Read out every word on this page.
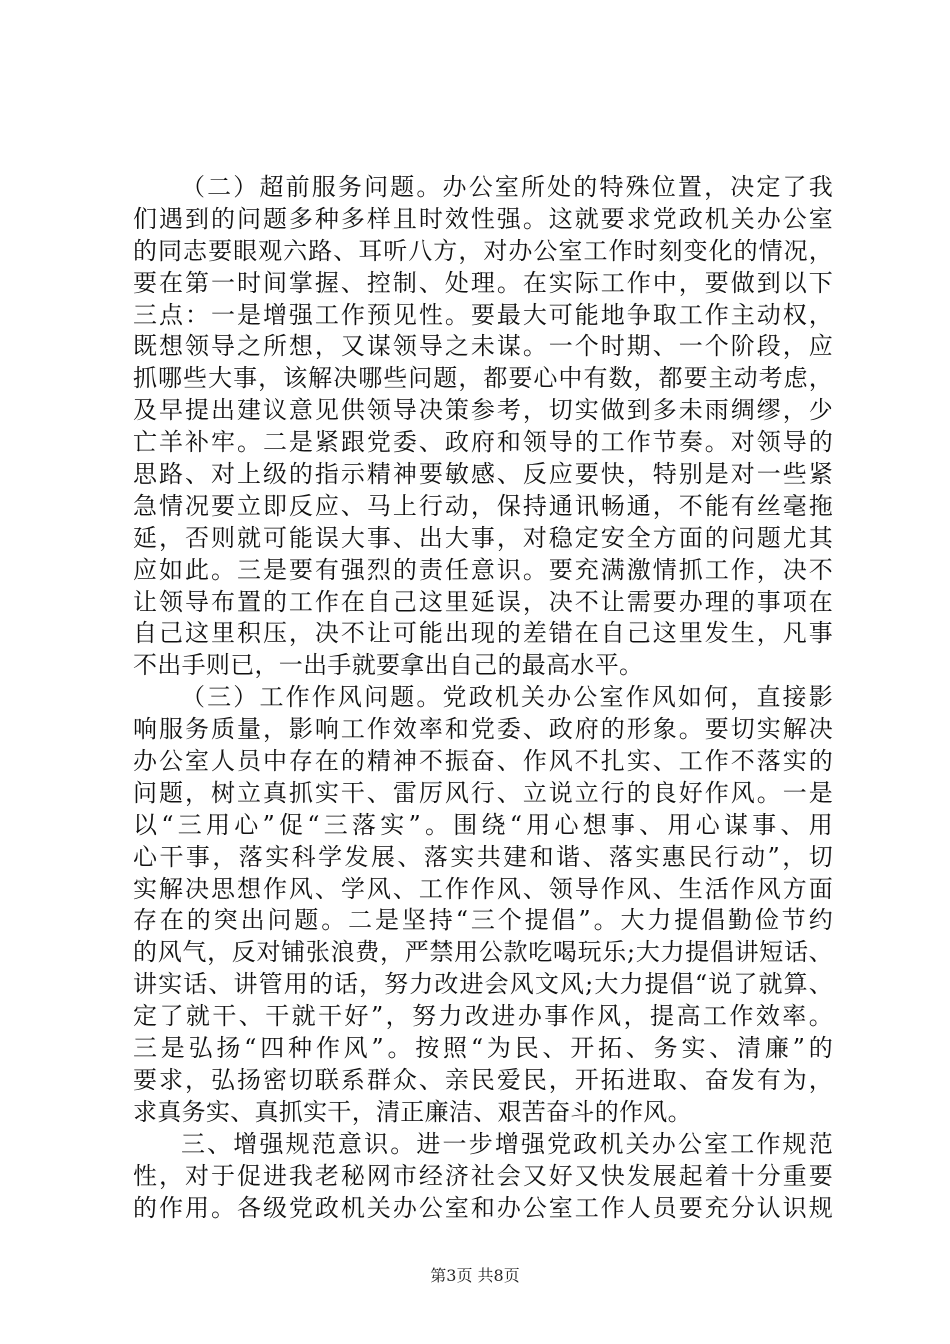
（二）超前服务问题。办公室所处的特殊位置，决定了我
们遇到的问题多种多样且时效性强。这就要求党政机关办公室
的同志要眼观六路、耳听八方，对办公室工作时刻变化的情况，
要在第一时间掌握、控制、处理。在实际工作中，要做到以下
三点：一是增强工作预见性。要最大可能地争取工作主动权，
既想领导之所想，又谋领导之未谋。一个时期、一个阶段，应
抓哪些大事，该解决哪些问题，都要心中有数，都要主动考虑，
及早提出建议意见供领导决策参考，切实做到多未雨绸缪，少
亡羊补牢。二是紧跟党委、政府和领导的工作节奏。对领导的
思路、对上级的指示精神要敏感、反应要快，特别是对一些紧
急情况要立即反应、马上行动，保持通讯畅通，不能有丝毫拖
延，否则就可能误大事、出大事，对稳定安全方面的问题尤其
应如此。三是要有强烈的责任意识。要充满激情抓工作，决不
让领导布置的工作在自己这里延误，决不让需要办理的事项在
自己这里积压，决不让可能出现的差错在自己这里发生，凡事
不出手则已，一出手就要拿出自己的最高水平。
（三）工作作风问题。党政机关办公室作风如何，直接影
响服务质量，影响工作效率和党委、政府的形象。要切实解决
办公室人员中存在的精神不振奋、作风不扎实、工作不落实的
问题，树立真抓实干、雷厉风行、立说立行的良好作风。一是
以“三用心”促“三落实”。围绕“用心想事、用心谋事、用
心干事，落实科学发展、落实共建和谐、落实惠民行动”，切
实解决思想作风、学风、工作作风、领导作风、生活作风方面
存在的突出问题。二是坚持“三个提倡”。大力提倡勤俭节约
的风气，反对铺张浪费，严禁用公款吃喝玩乐;大力提倡讲短话、
讲实话、讲管用的话，努力改进会风文风;大力提倡“说了就算、
定了就干、干就干好”，努力改进办事作风，提高工作效率。
三是弘扬“四种作风”。按照“为民、开拓、务实、清廉”的
要求，弘扬密切联系群众、亲民爱民，开拓进取、奋发有为，
求真务实、真抓实干，清正廉洁、艰苦奋斗的作风。
三、增强规范意识。进一步增强党政机关办公室工作规范
性，对于促进我老秘网市经济社会又好又快发展起着十分重要
的作用。各级党政机关办公室和办公室工作人员要充分认识规
第3页 共8页
